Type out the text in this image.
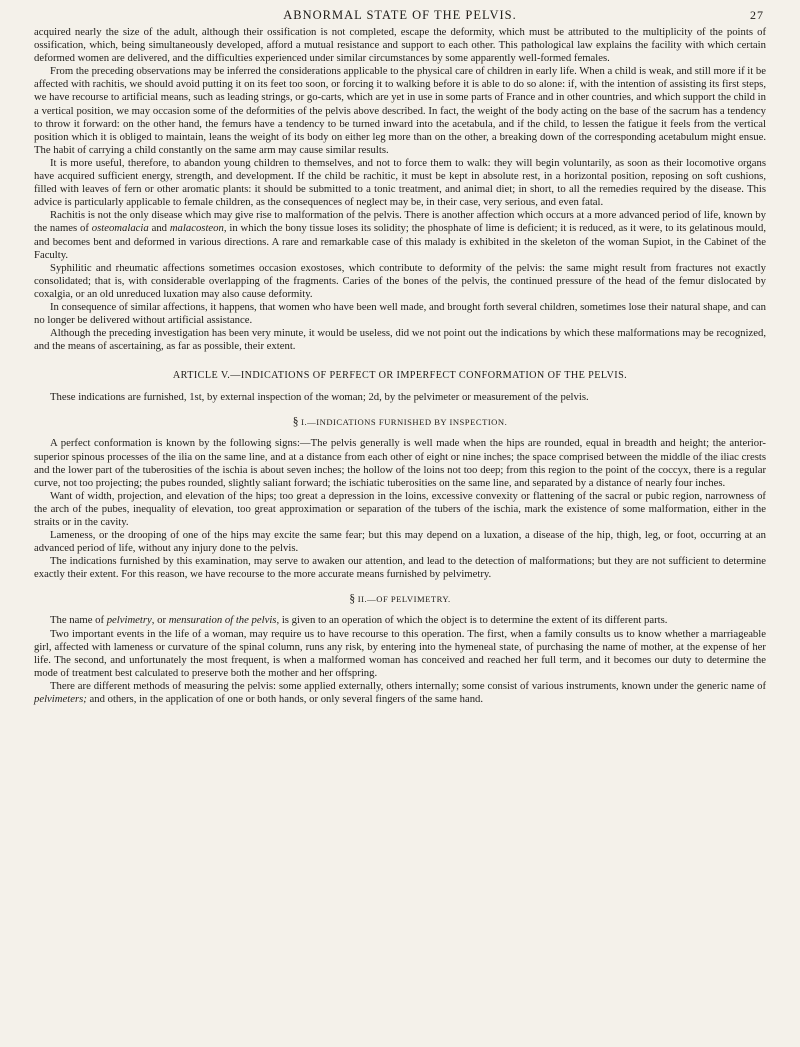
ABNORMAL STATE OF THE PELVIS.	27

acquired nearly the size of the adult, although their ossification is not completed, escape the deformity, which must be attributed to the multiplicity of the points of ossification, which, being simultaneously developed, afford a mutual resistance and support to each other. This pathological law explains the facility with which certain deformed women are delivered, and the difficulties experienced under similar circumstances by some apparently well-formed females.

From the preceding observations may be inferred the considerations applicable to the physical care of children in early life. When a child is weak, and still more if it be affected with rachitis, we should avoid putting it on its feet too soon, or forcing it to walking before it is able to do so alone: if, with the intention of assisting its first steps, we have recourse to artificial means, such as leading strings, or go-carts, which are yet in use in some parts of France and in other countries, and which support the child in a vertical position, we may occasion some of the deformities of the pelvis above described. In fact, the weight of the body acting on the base of the sacrum has a tendency to throw it forward: on the other hand, the femurs have a tendency to be turned inward into the acetabula, and if the child, to lessen the fatigue it feels from the vertical position which it is obliged to maintain, leans the weight of its body on either leg more than on the other, a breaking down of the corresponding acetabulum might ensue. The habit of carrying a child constantly on the same arm may cause similar results.

It is more useful, therefore, to abandon young children to themselves, and not to force them to walk: they will begin voluntarily, as soon as their locomotive organs have acquired sufficient energy, strength, and development. If the child be rachitic, it must be kept in absolute rest, in a horizontal position, reposing on soft cushions, filled with leaves of fern or other aromatic plants: it should be submitted to a tonic treatment, and animal diet; in short, to all the remedies required by the disease. This advice is particularly applicable to female children, as the consequences of neglect may be, in their case, very serious, and even fatal.

Rachitis is not the only disease which may give rise to malformation of the pelvis. There is another affection which occurs at a more advanced period of life, known by the names of osteomalacia and malacosteon, in which the bony tissue loses its solidity; the phosphate of lime is deficient; it is reduced, as it were, to its gelatinous mould, and becomes bent and deformed in various directions. A rare and remarkable case of this malady is exhibited in the skeleton of the woman Supiot, in the Cabinet of the Faculty.

Syphilitic and rheumatic affections sometimes occasion exostoses, which contribute to deformity of the pelvis: the same might result from fractures not exactly consolidated; that is, with considerable overlapping of the fragments. Caries of the bones of the pelvis, the continued pressure of the head of the femur dislocated by coxalgia, or an old unreduced luxation may also cause deformity.

In consequence of similar affections, it happens, that women who have been well made, and brought forth several children, sometimes lose their natural shape, and can no longer be delivered without artificial assistance.

Although the preceding investigation has been very minute, it would be useless, did we not point out the indications by which these malformations may be recognized, and the means of ascertaining, as far as possible, their extent.

ARTICLE V.—INDICATIONS OF PERFECT OR IMPERFECT CONFORMATION OF THE PELVIS.

These indications are furnished, 1st, by external inspection of the woman; 2d, by the pelvimeter or measurement of the pelvis.

§ I.—INDICATIONS FURNISHED BY INSPECTION.

A perfect conformation is known by the following signs:—The pelvis generally is well made when the hips are rounded, equal in breadth and height; the anterior-superior spinous processes of the ilia on the same line, and at a distance from each other of eight or nine inches; the space comprised between the middle of the iliac crests and the lower part of the tuberosities of the ischia is about seven inches; the hollow of the loins not too deep; from this region to the point of the coccyx, there is a regular curve, not too projecting; the pubes rounded, slightly saliant forward; the ischiatic tuberosities on the same line, and separated by a distance of nearly four inches.

Want of width, projection, and elevation of the hips; too great a depression in the loins, excessive convexity or flattening of the sacral or pubic region, narrowness of the arch of the pubes, inequality of elevation, too great approximation or separation of the tubers of the ischia, mark the existence of some malformation, either in the straits or in the cavity.

Lameness, or the drooping of one of the hips may excite the same fear; but this may depend on a luxation, a disease of the hip, thigh, leg, or foot, occurring at an advanced period of life, without any injury done to the pelvis.

The indications furnished by this examination, may serve to awaken our attention, and lead to the detection of malformations; but they are not sufficient to determine exactly their extent. For this reason, we have recourse to the more accurate means furnished by pelvimetry.

§ II.—OF PELVIMETRY.

The name of pelvimetry, or mensuration of the pelvis, is given to an operation of which the object is to determine the extent of its different parts.

Two important events in the life of a woman, may require us to have recourse to this operation. The first, when a family consults us to know whether a marriageable girl, affected with lameness or curvature of the spinal column, runs any risk, by entering into the hymeneal state, of purchasing the name of mother, at the expense of her life. The second, and unfortunately the most frequent, is when a malformed woman has conceived and reached her full term, and it becomes our duty to determine the mode of treatment best calculated to preserve both the mother and her offspring.

There are different methods of measuring the pelvis: some applied externally, others internally; some consist of various instruments, known under the generic name of pelvimeters; and others, in the application of one or both hands, or only several fingers of the same hand.
